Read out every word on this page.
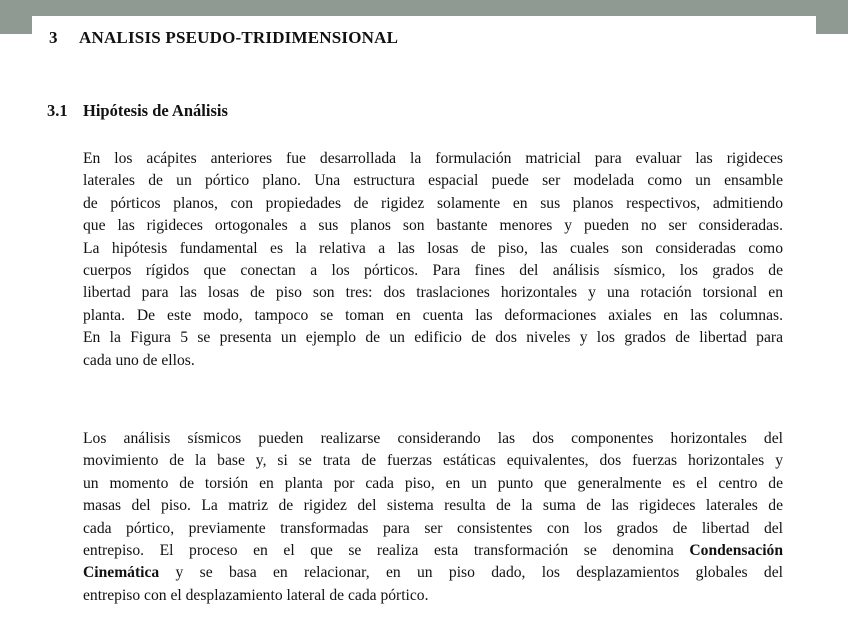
3 ANALISIS PSEUDO-TRIDIMENSIONAL
3.1 Hipótesis de Análisis

En los acápites anteriores fue desarrollada la formulación matricial para evaluar las rigideces
laterales de un pórtico plano. Una estructura espacial puede ser modelada como un ensamble
de pórticos planos, con propiedades de rigidez solamente en sus planos respectivos, admitiendo
que las rigideces ortogonales a sus planos son bastante menores y pueden no ser consideradas.
La hipótesis fundamental es la relativa a las losas de piso, las cuales son consideradas como
cuerpos rígidos que conectan a los pórticos. Para fines del análisis sísmico, los grados de
libertad para las losas de piso son tres: dos traslaciones horizontales y una rotación torsional en
planta. De este modo, tampoco se toman en cuenta las deformaciones axiales en las columnas.
En la Figura 5 se presenta un ejemplo de un edificio de dos niveles y los grados de libertad para
cada uno de ellos.

Los análisis sísmicos pueden realizarse considerando las dos componentes horizontales del
movimiento de la base y, si se trata de fuerzas estáticas equivalentes, dos fuerzas horizontales y
un momento de torsión en planta por cada piso, en un punto que generalmente es el centro de
masas del piso. La matriz de rigidez del sistema resulta de la suma de las rigideces laterales de
cada pórtico, previamente transformadas para ser consistentes con los grados de libertad del
entrepiso. El proceso en el que se realiza esta transformación se denomina Condensación
Cinemática y se basa en relacionar, en un piso dado, los desplazamientos globales del
entrepiso con el desplazamiento lateral de cada pórtico.
